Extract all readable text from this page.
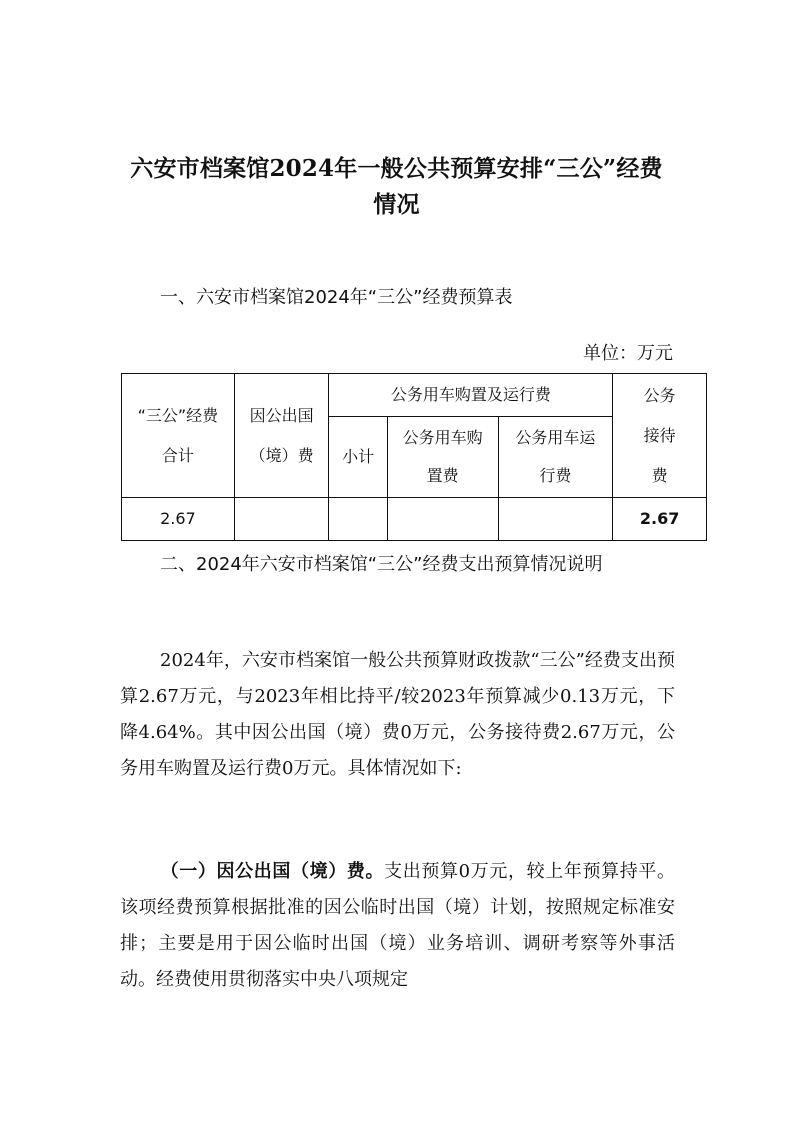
六安市档案馆2024年一般公共预算安排“三公”经费
情况
一、六安市档案馆2024年“三公”经费预算表
单位：万元
“三公”经费合计	因公出国（境）费	公务用车购置及运行费			公务接待费
		小计	公务用车购置费	公务用车运行费	
2.67					2.67
二、2024年六安市档案馆“三公”经费支出预算情况说明
2024年，六安市档案馆一般公共预算财政拨款“三公”经费支出预算2.67万元，与2023年相比持平/较2023年预算减少0.13万元，下降4.64%。其中因公出国（境）费0万元，公务接待费2.67万元，公务用车购置及运行费0万元。具体情况如下:
（一）因公出国（境）费。支出预算0万元，较上年预算持平。该项经费预算根据批准的因公临时出国（境）计划，按照规定标准安排；主要是用于因公临时出国（境）业务培训、调研考察等外事活动。经费使用贯彻落实中央八项规定
